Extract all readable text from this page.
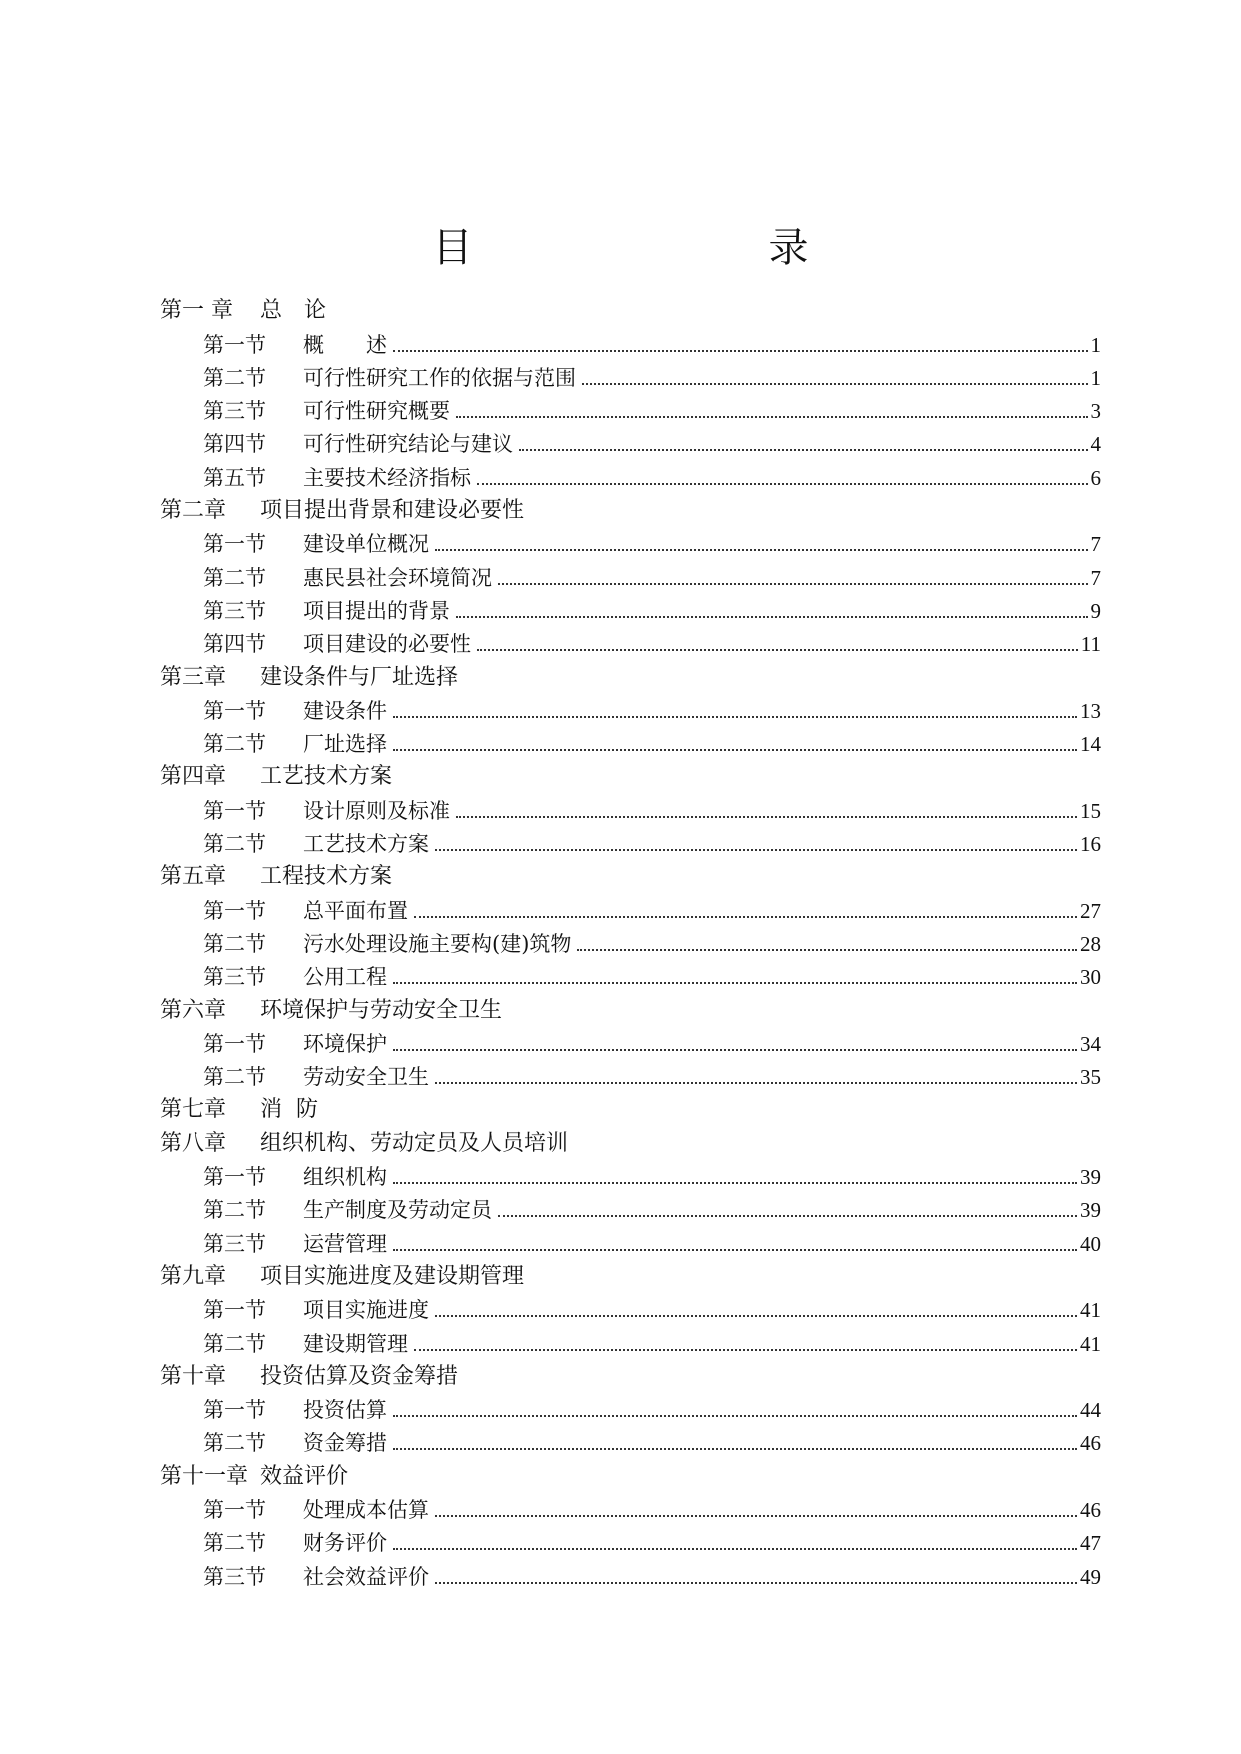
目　　录
第一 章	总　论
第一节	概　　述	1
第二节	可行性研究工作的依据与范围	1
第三节	可行性研究概要	3
第四节	可行性研究结论与建议	4
第五节	主要技术经济指标	6
第二章	项目提出背景和建设必要性
第一节	建设单位概况	7
第二节	惠民县社会环境简况	7
第三节	项目提出的背景	9
第四节	项目建设的必要性	11
第三章	建设条件与厂址选择
第一节	建设条件	13
第二节	厂址选择	14
第四章	工艺技术方案
第一节	设计原则及标准	15
第二节	工艺技术方案	16
第五章	工程技术方案
第一节	总平面布置	27
第二节	污水处理设施主要构(建)筑物	28
第三节	公用工程	30
第六章	环境保护与劳动安全卫生
第一节	环境保护	34
第二节	劳动安全卫生	35
第七章	消  防
第八章	组织机构、劳动定员及人员培训
第一节	组织机构	39
第二节	生产制度及劳动定员	39
第三节	运营管理	40
第九章	项目实施进度及建设期管理
第一节	项目实施进度	41
第二节	建设期管理	41
第十章	投资估算及资金筹措
第一节	投资估算	44
第二节	资金筹措	46
第十一章 效益评价
第一节	处理成本估算	46
第二节	财务评价	47
第三节	社会效益评价	49
